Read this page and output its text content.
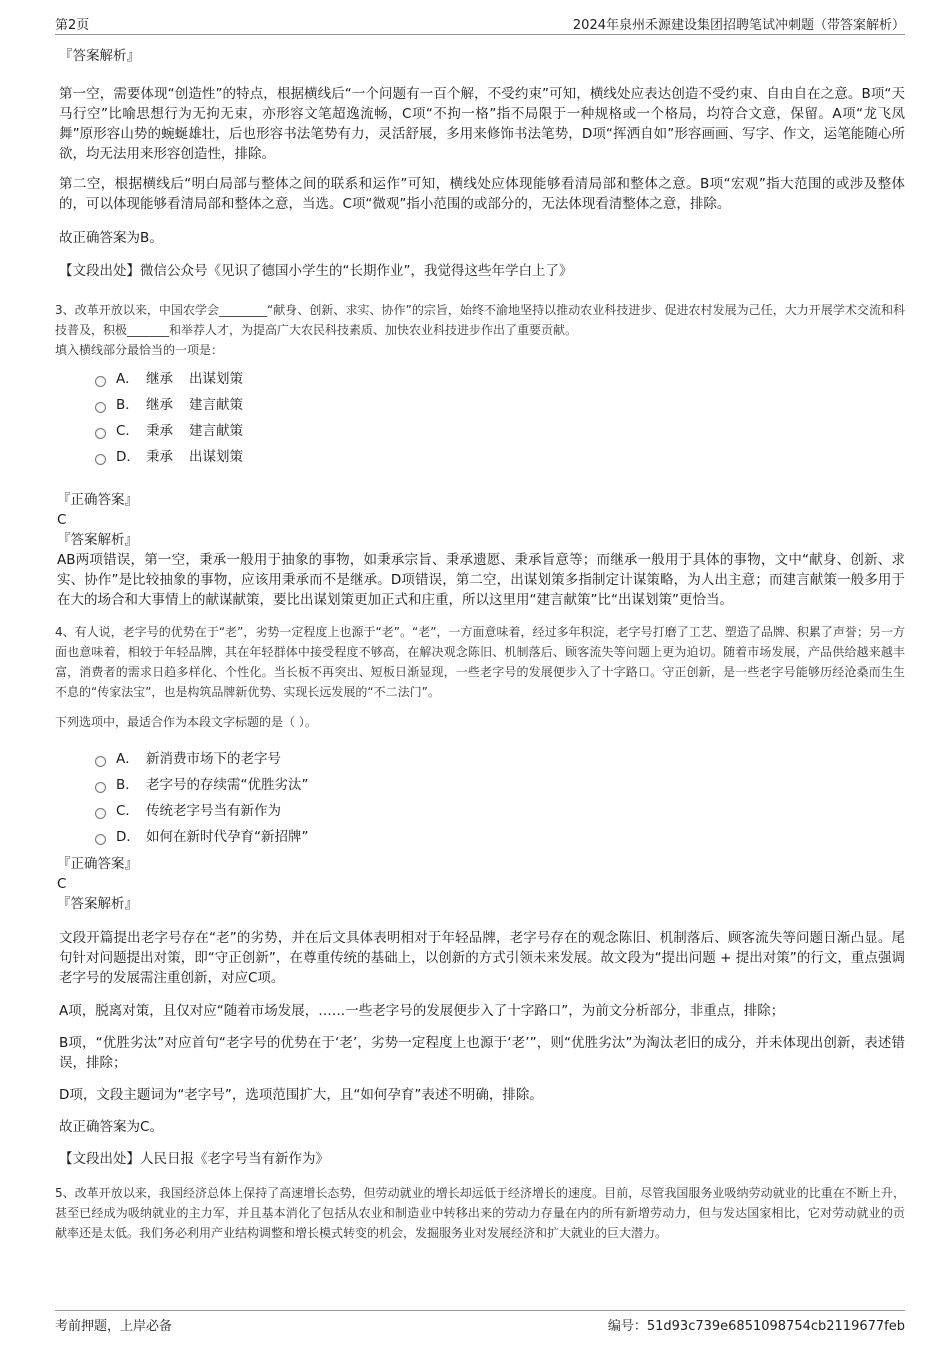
第2页	2024年泉州禾源建设集团招聘笔试冲刺题（带答案解析）
『答案解析』
第一空，需要体现“创造性”的特点，根据横线后“一个问题有一百个解，不受约束”可知，横线处应表达创造不受约束、自由自在之意。B项“天马行空”比喻思想行为无拘无束，亦形容文笔超逸流畅，C项“不拘一格”指不局限于一种规格或一个格局，均符合文意，保留。A项“龙飞凤舞”原形容山势的蜿蜒雄壮，后也形容书法笔势有力，灵活舒展，多用来修饰书法笔势，D项“挥洒自如”形容画画、写字、作文，运笔能随心所欲，均无法用来形容创造性，排除。
第二空，根据横线后“明白局部与整体之间的联系和运作”可知，横线处应体现能够看清局部和整体之意。B项“宏观”指大范围的或涉及整体的，可以体现能够看清局部和整体之意，当选。C项“微观”指小范围的或部分的，无法体现看清整体之意，排除。
故正确答案为B。
【文段出处】微信公众号《见识了德国小学生的“长期作业”，我觉得这些年学白上了》
3、改革开放以来，中国农学会________“献身、创新、求实、协作”的宗旨，始终不渝地坚持以推动农业科技进步、促进农村发展为己任，大力开展学术交流和科技普及，积极_______和举荐人才，为提高广大农民科技素质、加快农业科技进步作出了重要贡献。
填入横线部分最恰当的一项是：
A． 继承 出谋划策
B． 继承 建言献策
C． 秉承 建言献策
D． 秉承 出谋划策
『正确答案』
C
『答案解析』
AB两项错误，第一空，秉承一般用于抽象的事物，如秉承宗旨、秉承遗愿、秉承旨意等；而继承一般用于具体的事物，文中“献身、创新、求实、协作”是比较抽象的事物，应该用秉承而不是继承。D项错误，第二空，出谋划策多指制定计谋策略，为人出主意；而建言献策一般多用于在大的场合和大事情上的献谋献策，要比出谋划策更加正式和庄重，所以这里用“建言献策”比“出谋划策”更恰当。
4、有人说，老字号的优势在于“老”，劣势一定程度上也源于“老”。“老”，一方面意味着，经过多年积淀，老字号打磨了工艺、塑造了品牌、积累了声誉；另一方面也意味着，相较于年轻品牌，其在年轻群体中接受程度不够高，在解决观念陈旧、机制落后、顾客流失等问题上更为迫切。随着市场发展，产品供给越来越丰富，消费者的需求日趋多样化、个性化。当长板不再突出、短板日渐显现，一些老字号的发展便步入了十字路口。守正创新，是一些老字号能够历经沧桑而生生不息的“传家法宝”，也是构筑品牌新优势、实现长远发展的“不二法门”。
下列选项中，最适合作为本段文字标题的是（ ）。
A． 新消费市场下的老字号
B． 老字号的存续需“优胜劣汰”
C． 传统老字号当有新作为
D． 如何在新时代孕育“新招牌”
『正确答案』
C
『答案解析』
文段开篇提出老字号存在“老”的劣势，并在后文具体表明相对于年轻品牌，老字号存在的观念陈旧、机制落后、顾客流失等问题日渐凸显。尾句针对问题提出对策，即“守正创新”，在尊重传统的基础上，以创新的方式引领未来发展。故文段为“提出问题 + 提出对策”的行文，重点强调老字号的发展需注重创新，对应C项。
A项，脱离对策，且仅对应“随着市场发展，……一些老字号的发展便步入了十字路口”，为前文分析部分，非重点，排除；
B项，“优胜劣汰”对应首句“老字号的优势在于‘老’，劣势一定程度上也源于‘老’”，则“优胜劣汰”为淘汰老旧的成分，并未体现出创新，表述错误，排除；
D项，文段主题词为“老字号”，选项范围扩大，且“如何孕育”表述不明确，排除。
故正确答案为C。
【文段出处】人民日报《老字号当有新作为》
5、改革开放以来，我国经济总体上保持了高速增长态势，但劳动就业的增长却远低于经济增长的速度。目前，尽管我国服务业吸纳劳动就业的比重在不断上升，甚至已经成为吸纳就业的主力军，并且基本消化了包括从农业和制造业中转移出来的劳动力存量在内的所有新增劳动力，但与发达国家相比，它对劳动就业的贡献率还是太低。我们务必利用产业结构调整和增长模式转变的机会，发掘服务业对发展经济和扩大就业的巨大潜力。
考前押题，上岸必备	编号：51d93c739e6851098754cb2119677feb
